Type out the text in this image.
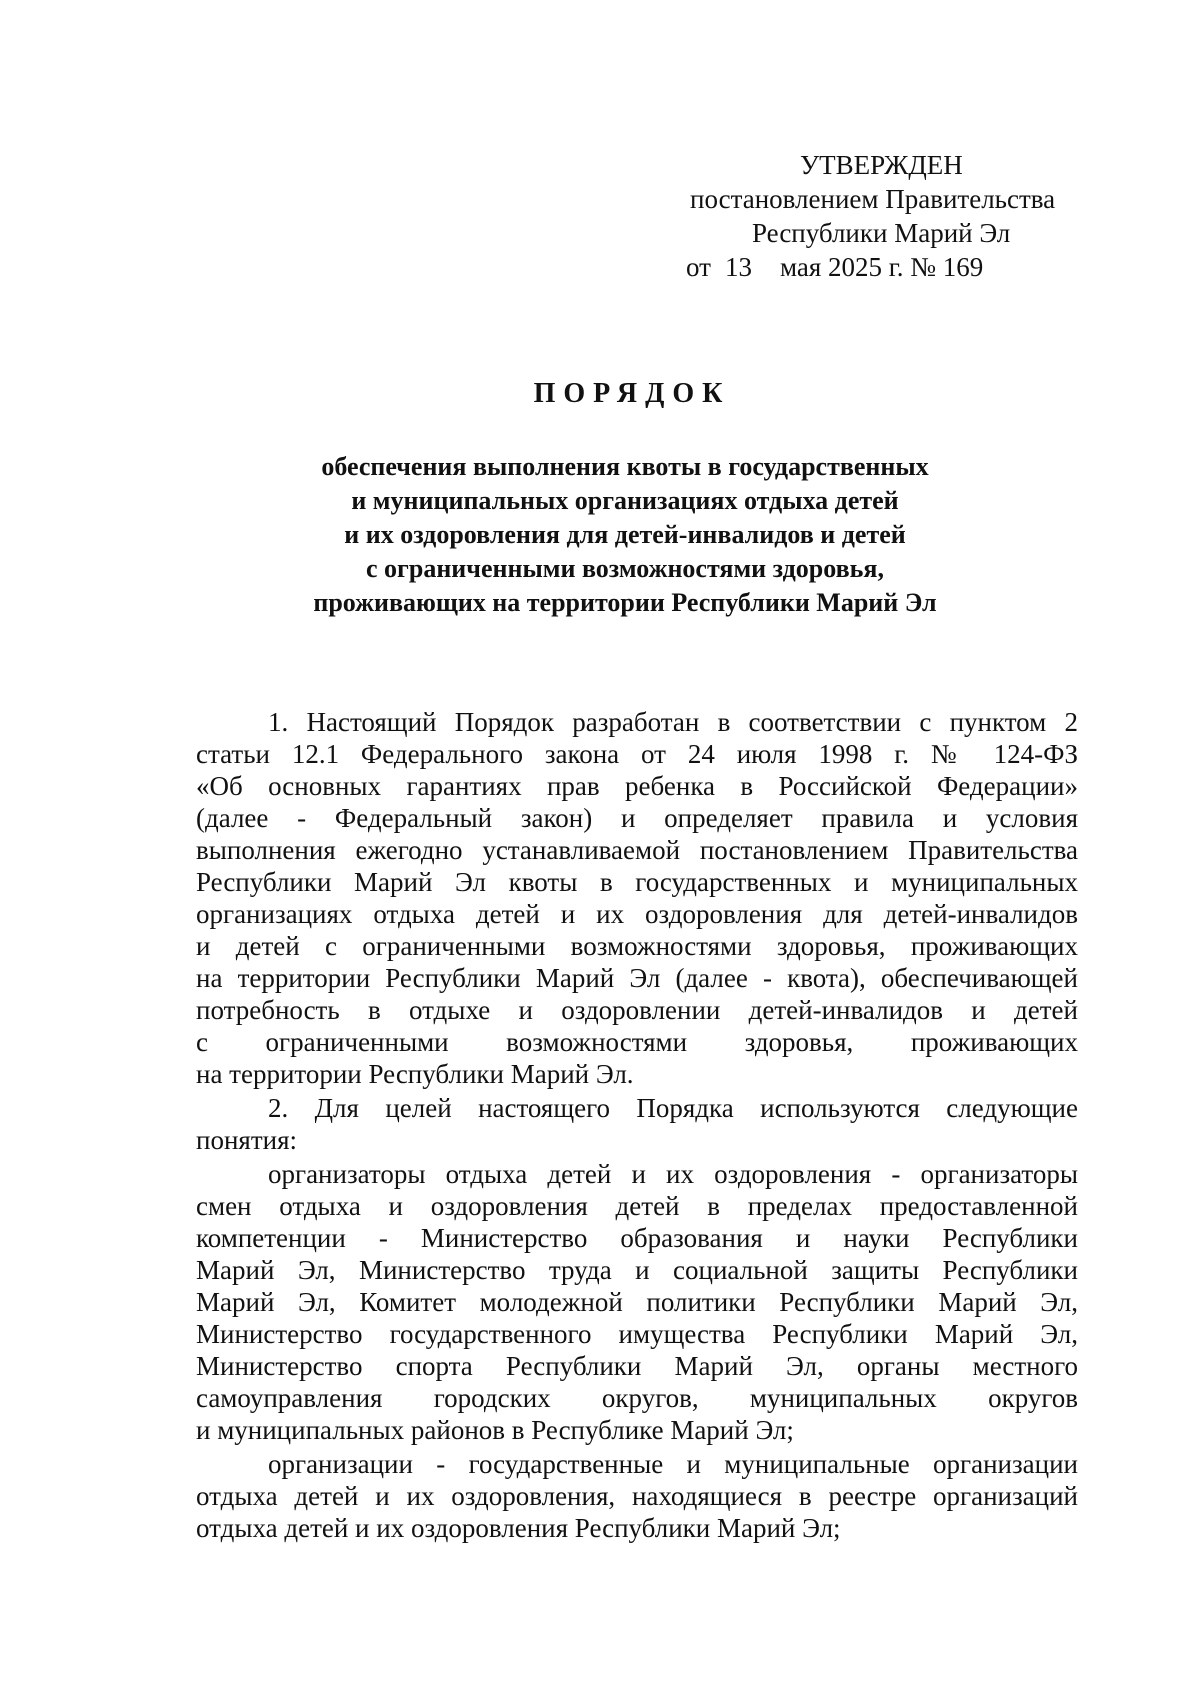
УТВЕРЖДЕН
постановлением Правительства
Республики Марий Эл
от 13 мая 2025 г. № 169
ПОРЯДОК
обеспечения выполнения квоты в государственных
и муниципальных организациях отдыха детей
и их оздоровления для детей-инвалидов и детей
с ограниченными возможностями здоровья,
проживающих на территории Республики Марий Эл
1. Настоящий Порядок разработан в соответствии с пунктом 2
статьи 12.1 Федерального закона от 24 июля 1998 г. № 124-ФЗ
«Об основных гарантиях прав ребенка в Российской Федерации»
(далее - Федеральный закон) и определяет правила и условия
выполнения ежегодно устанавливаемой постановлением Правительства
Республики Марий Эл квоты в государственных и муниципальных
организациях отдыха детей и их оздоровления для детей-инвалидов
и детей с ограниченными возможностями здоровья, проживающих
на территории Республики Марий Эл (далее - квота), обеспечивающей
потребность в отдыхе и оздоровлении детей-инвалидов и детей
с ограниченными возможностями здоровья, проживающих
на территории Республики Марий Эл.
2. Для целей настоящего Порядка используются следующие
понятия:
организаторы отдыха детей и их оздоровления - организаторы
смен отдыха и оздоровления детей в пределах предоставленной
компетенции - Министерство образования и науки Республики
Марий Эл, Министерство труда и социальной защиты Республики
Марий Эл, Комитет молодежной политики Республики Марий Эл,
Министерство государственного имущества Республики Марий Эл,
Министерство спорта Республики Марий Эл, органы местного
самоуправления городских округов, муниципальных округов
и муниципальных районов в Республике Марий Эл;
организации - государственные и муниципальные организации
отдыха детей и их оздоровления, находящиеся в реестре организаций
отдыха детей и их оздоровления Республики Марий Эл;
